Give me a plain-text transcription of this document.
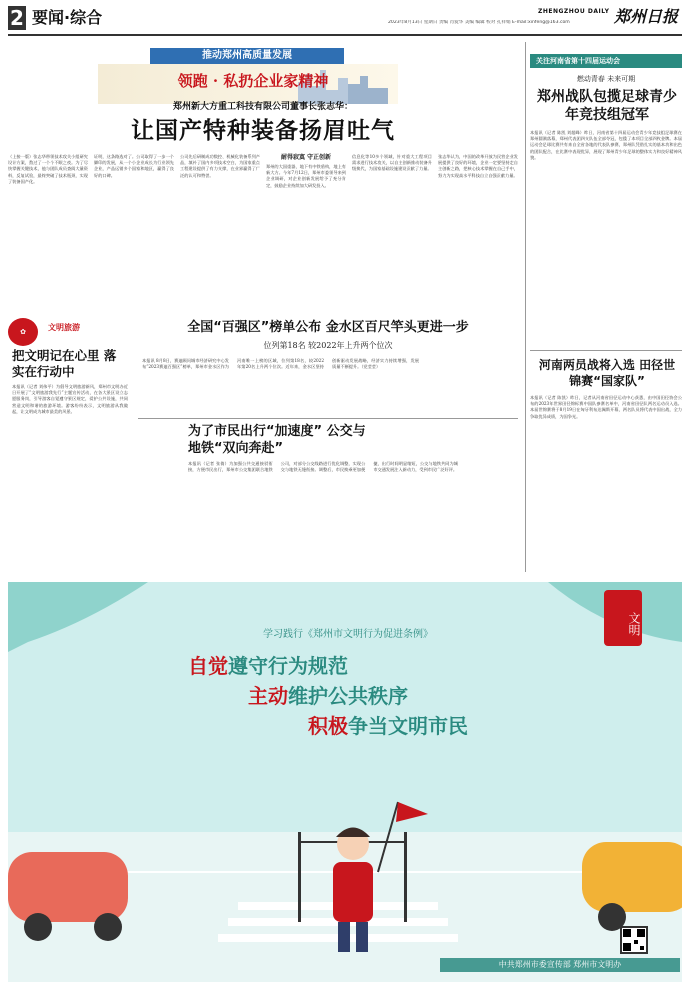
2 要闻·综合	2023年8月13日 星期日 责编 肖爱华 美编 编辑 校对 孔祥娟 E-mail:xinfeng@163.com
ZHENGZHOU DAILY 郑州日报
推动郑州高质量发展
领跑 · 私扔企业家精神
郑州新大方重工科技有限公司董事长张志华：
让国产特种装备扬眉吐气
（上接一版）张志华带领技术攻关小组研究设计方案，熬过了一个个不眠之夜。为了尽快掌握关键技术，他与团队成员查阅大量资料，反复试验，最终突破了技术瓶颈，实现了装备国产化。
证明，这条路选对了。公司取得了一步一个脚印的发展，从一个小企业成长为行业领先企业，产品远销多个国家和地区，赢得了良好的口碑。
公司先后研制成功数控、机械化装备系列产品，填补了国内多项技术空白，为国家重点工程建设提供了有力支撑，在业界赢得了广泛的认可和赞誉。
耐得寂寞 守正创新
郑州的大国重器，地下有中铁盾构，地上有新大方。今年7月12日，郑州市委领导来到企业调研，对企业创新发展给予了充分肯定，鼓励企业持续加大研发投入。
信息化等10多个领域，针对重大工程项目需求进行技术攻关，以自主创新推动装备升级换代，为国家基础设施建设贡献了力量。
张志华认为，中国的改革开放为民营企业发展提供了良好的环境，企业一定要坚持走自主创新之路，把核心技术掌握在自己手中，努力为实现高水平科技自立自强贡献力量。
✿	文明旅游
把文明记在心里 落实在行动中
本报讯（记者 刘伟平）为倡导文明旅游新风，郑州市文明办近日开展了“文明旅游我先行”主题宣传活动，在各大景区设立志愿服务岗，引导游客自觉遵守景区规定，爱护公共设施，共同营造文明和谐的旅游环境。游客纷纷表示，文明旅游从我做起，让文明成为城市最美的风景。
全国“百强区”榜单公布 金水区百尺竿头更进一步
位列第18名 较2022年上升两个位次
本报讯 8月8日，赛迪顾问城市经济研究中心发布“2023赛迪百强区”榜单，郑州市金水区作为河南唯一上榜的区域，位列第18名，较2022年第20名上升两个位次。近年来，金水区坚持创新驱动发展战略，经济实力持续增强，发展质量不断提升。（党莹莹）
为了市民出行“加速度” 公交与地铁“双向奔赴”
本报讯（记者 张倩）为加强公共交通接驳衔接，方便市民出行，郑州市公交集团联合地铁公司，对部分公交线路进行优化调整，实现公交与地铁无缝衔接。调整后，市民换乘更加便捷，出行时间明显缩短，公交与地铁共同为城市交通发展注入新动力，受到市民广泛好评。
关注河南省第十四届运动会
燃动青春 未来可期
郑州战队包揽足球青少年竞技组冠军
本报讯（记者 陈凯 刘超峰）昨日，河南省第十四届运动会青少年竞技组足球赛在郑州圆满落幕，郑州代表团四支队伍全部夺冠，包揽了本项目全部四枚金牌。本届运动会足球比赛共有来自全省各地的代表队参赛，郑州队凭借扎实的基本功和出色的团队配合，在比赛中表现优异，展现了郑州青少年足球的整体实力和良好精神风貌。
河南两员战将入选 田径世锦赛“国家队”
本报讯（记者 陈凯）昨日，记者从河南省田径运动中心获悉，由中国田径协会公布的2023年世界田径锦标赛中国队参赛名单中，河南省田径队两名运动员入选。本届世锦赛将于8月19日在匈牙利布达佩斯开幕，两名队员将代表中国出战，全力争取优异成绩，为国争光。
文明
学习践行《郑州市文明行为促进条例》
自觉遵守行为规范
主动维护公共秩序
积极争当文明市民
中共郑州市委宣传部 郑州市文明办
